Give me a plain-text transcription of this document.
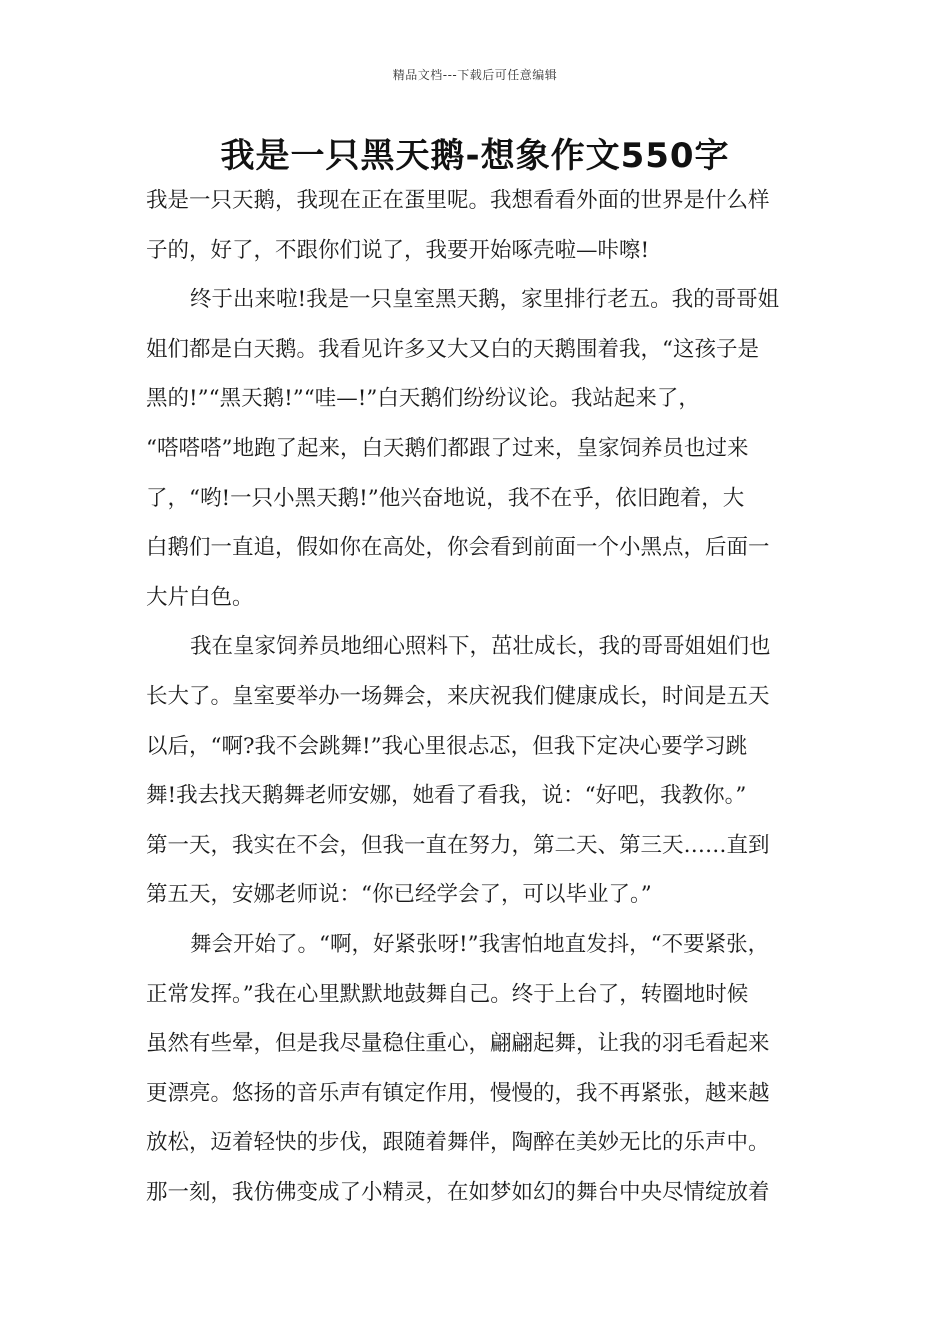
精品文档---下载后可任意编辑
我是一只黑天鹅-想象作文550字
我是一只天鹅，我现在正在蛋里呢。我想看看外面的世界是什么样
子的，好了，不跟你们说了，我要开始啄壳啦—咔嚓!
终于出来啦!我是一只皇室黑天鹅，家里排行老五。我的哥哥姐
姐们都是白天鹅。我看见许多又大又白的天鹅围着我，“这孩子是
黑的!”“黑天鹅!”“哇—!”白天鹅们纷纷议论。我站起来了，
“嗒嗒嗒”地跑了起来，白天鹅们都跟了过来，皇家饲养员也过来
了，“哟!一只小黑天鹅!”他兴奋地说，我不在乎，依旧跑着，大
白鹅们一直追，假如你在高处，你会看到前面一个小黑点，后面一
大片白色。
我在皇家饲养员地细心照料下，茁壮成长，我的哥哥姐姐们也
长大了。皇室要举办一场舞会，来庆祝我们健康成长，时间是五天
以后，“啊?我不会跳舞!”我心里很忐忑，但我下定决心要学习跳
舞!我去找天鹅舞老师安娜，她看了看我，说：“好吧，我教你。”
第一天，我实在不会，但我一直在努力，第二天、第三天……直到
第五天，安娜老师说：“你已经学会了，可以毕业了。”
舞会开始了。“啊，好紧张呀!”我害怕地直发抖，“不要紧张，
正常发挥。”我在心里默默地鼓舞自己。终于上台了，转圈地时候
虽然有些晕，但是我尽量稳住重心，翩翩起舞，让我的羽毛看起来
更漂亮。悠扬的音乐声有镇定作用，慢慢的，我不再紧张，越来越
放松，迈着轻快的步伐，跟随着舞伴，陶醉在美妙无比的乐声中。
那一刻，我仿佛变成了小精灵，在如梦如幻的舞台中央尽情绽放着
